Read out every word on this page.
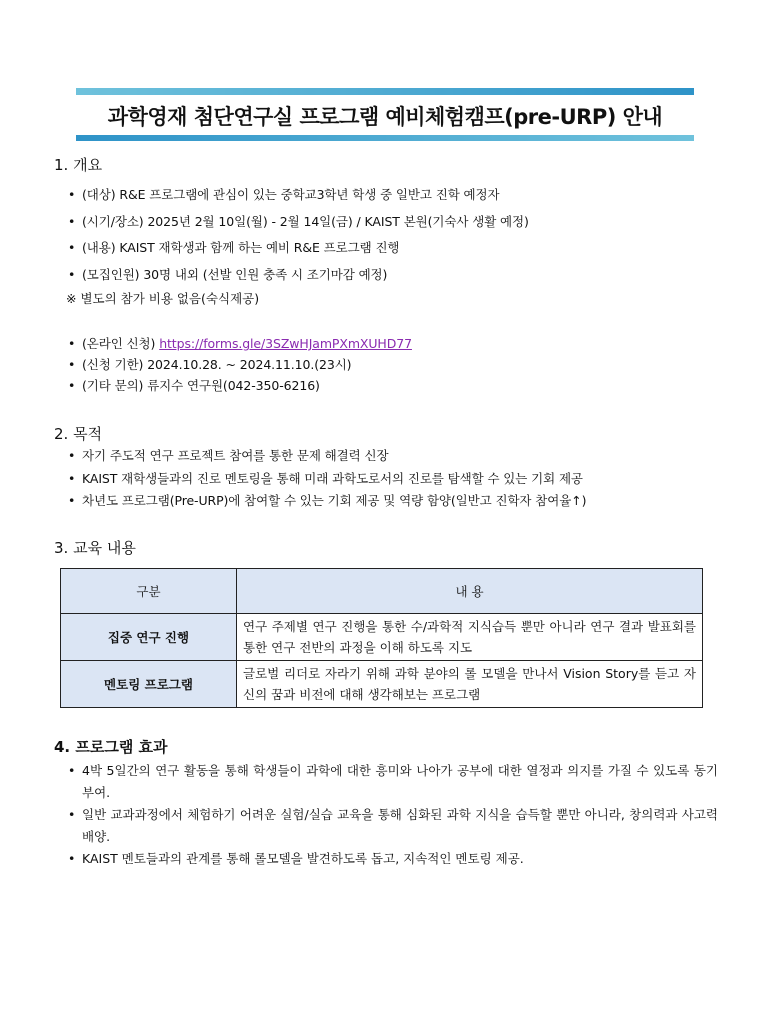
과학영재 첨단연구실 프로그램 예비체험캠프(pre-URP) 안내
1. 개요
• (대상) R&E 프로그램에 관심이 있는 중학교3학년 학생 중 일반고 진학 예정자
• (시기/장소) 2025년 2월 10일(월) - 2월 14일(금) / KAIST 본원(기숙사 생활 예정)
• (내용) KAIST 재학생과 함께 하는 예비 R&E 프로그램 진행
• (모집인원) 30명 내외 (선발 인원 충족 시 조기마감 예정)
※ 별도의 참가 비용 없음(숙식제공)
• (온라인 신청) https://forms.gle/3SZwHJamPXmXUHD77
• (신청 기한) 2024.10.28. ~ 2024.11.10.(23시)
• (기타 문의) 류지수 연구원(042-350-6216)
2. 목적
• 자기 주도적 연구 프로젝트 참여를 통한 문제 해결력 신장
• KAIST 재학생들과의 진로 멘토링을 통해 미래 과학도로서의 진로를 탐색할 수 있는 기회 제공
• 차년도 프로그램(Pre-URP)에 참여할 수 있는 기회 제공 및 역량 함양(일반고 진학자 참여율↑)
3. 교육 내용
구분	내 용
집중 연구 진행	연구 주제별 연구 진행을 통한 수/과학적 지식습득 뿐만 아니라 연구 결과 발표회를 통한 연구 전반의 과정을 이해 하도록 지도
멘토링 프로그램	글로벌 리더로 자라기 위해 과학 분야의 롤 모델을 만나서 Vision Story를 듣고 자신의 꿈과 비전에 대해 생각해보는 프로그램
4. 프로그램 효과
• 4박 5일간의 연구 활동을 통해 학생들이 과학에 대한 흥미와 나아가 공부에 대한 열정과 의지를 가질 수 있도록 동기 부여.
• 일반 교과과정에서 체험하기 어려운 실험/실습 교육을 통해 심화된 과학 지식을 습득할 뿐만 아니라, 창의력과 사고력 배양.
• KAIST 멘토들과의 관계를 통해 롤모델을 발견하도록 돕고, 지속적인 멘토링 제공.
